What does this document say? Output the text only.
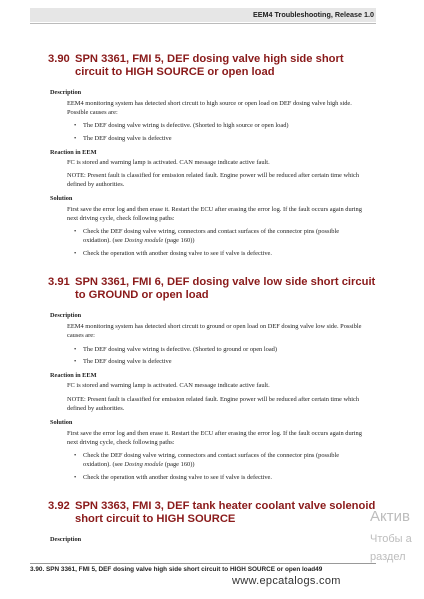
EEM4 Troubleshooting, Release 1.0
3.90 SPN 3361, FMI 5, DEF dosing valve high side short circuit to HIGH SOURCE or open load
Description
EEM4 monitoring system has detected short circuit to high source or open load on DEF dosing valve high side. Possible causes are:
• The DEF dosing valve wiring is defective. (Shorted to high source or open load)
• The DEF dosing valve is defective
Reaction in EEM
FC is stored and warning lamp is activated. CAN message indicate active fault.
NOTE: Present fault is classified for emission related fault. Engine power will be reduced after certain time which defined by authorities.
Solution
First save the error log and then erase it. Restart the ECU after erasing the error log. If the fault occurs again during next driving cycle, check following paths:
• Check the DEF dosing valve wiring, connectors and contact surfaces of the connector pins (possible oxidation). (see Dosing module (page 160))
• Check the operation with another dosing valve to see if valve is defective.
3.91 SPN 3361, FMI 6, DEF dosing valve low side short circuit to GROUND or open load
Description
EEM4 monitoring system has detected short circuit to ground or open load on DEF dosing valve low side. Possible causes are:
• The DEF dosing valve wiring is defective. (Shorted to ground or open load)
• The DEF dosing valve is defective
Reaction in EEM
FC is stored and warning lamp is activated. CAN message indicate active fault.
NOTE: Present fault is classified for emission related fault. Engine power will be reduced after certain time which defined by authorities.
Solution
First save the error log and then erase it. Restart the ECU after erasing the error log. If the fault occurs again during next driving cycle, check following paths:
• Check the DEF dosing valve wiring, connectors and contact surfaces of the connector pins (possible oxidation). (see Dosing module (page 160))
• Check the operation with another dosing valve to see if valve is defective.
3.92 SPN 3363, FMI 3, DEF tank heater coolant valve solenoid short circuit to HIGH SOURCE
Description
Актив
Чтобы а
раздел
3.90. SPN 3361, FMI 5, DEF dosing valve high side short circuit to HIGH SOURCE or open load49
www.epcatalogs.com
